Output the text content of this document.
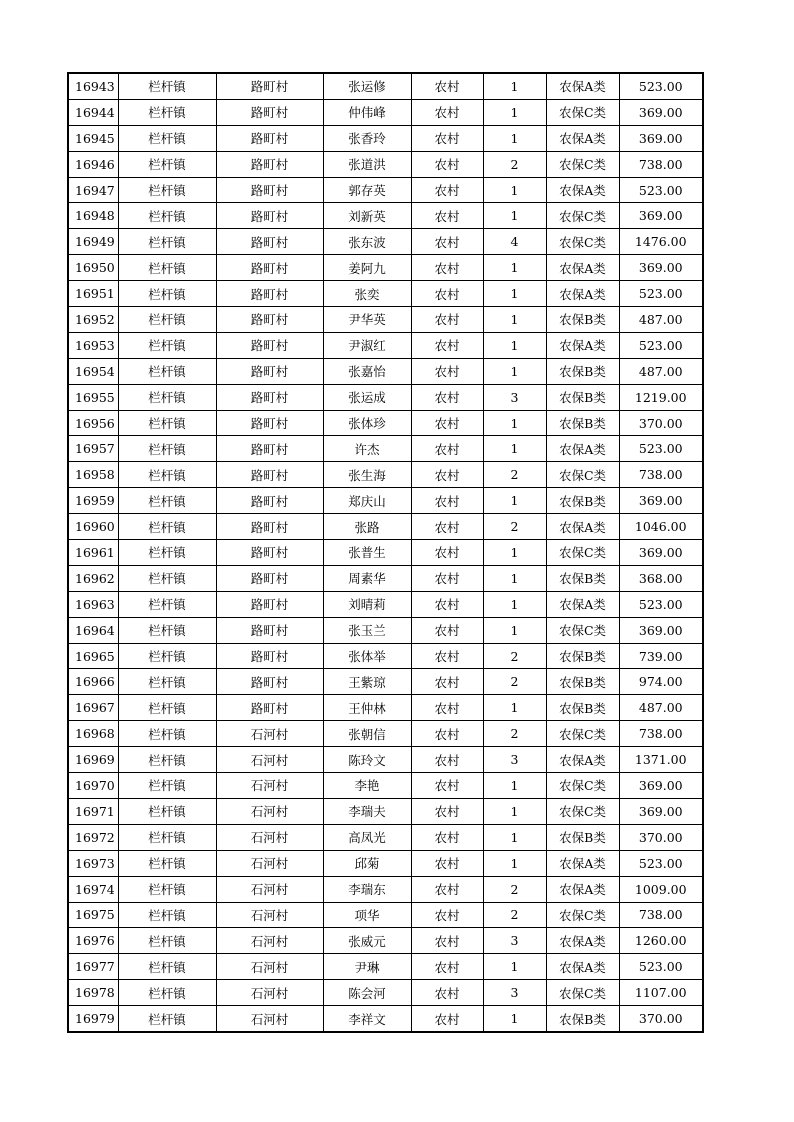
16943	栏杆镇	路町村	张运修	农村	1	农保A类	523.00
16944	栏杆镇	路町村	仲伟峰	农村	1	农保C类	369.00
16945	栏杆镇	路町村	张香玲	农村	1	农保A类	369.00
16946	栏杆镇	路町村	张道洪	农村	2	农保C类	738.00
16947	栏杆镇	路町村	郭存英	农村	1	农保A类	523.00
16948	栏杆镇	路町村	刘新英	农村	1	农保C类	369.00
16949	栏杆镇	路町村	张东波	农村	4	农保C类	1476.00
16950	栏杆镇	路町村	姜阿九	农村	1	农保A类	369.00
16951	栏杆镇	路町村	张奕	农村	1	农保A类	523.00
16952	栏杆镇	路町村	尹华英	农村	1	农保B类	487.00
16953	栏杆镇	路町村	尹淑红	农村	1	农保A类	523.00
16954	栏杆镇	路町村	张嘉怡	农村	1	农保B类	487.00
16955	栏杆镇	路町村	张运成	农村	3	农保B类	1219.00
16956	栏杆镇	路町村	张体珍	农村	1	农保B类	370.00
16957	栏杆镇	路町村	许杰	农村	1	农保A类	523.00
16958	栏杆镇	路町村	张生海	农村	2	农保C类	738.00
16959	栏杆镇	路町村	郑庆山	农村	1	农保B类	369.00
16960	栏杆镇	路町村	张路	农村	2	农保A类	1046.00
16961	栏杆镇	路町村	张普生	农村	1	农保C类	369.00
16962	栏杆镇	路町村	周素华	农村	1	农保B类	368.00
16963	栏杆镇	路町村	刘晴莉	农村	1	农保A类	523.00
16964	栏杆镇	路町村	张玉兰	农村	1	农保C类	369.00
16965	栏杆镇	路町村	张体举	农村	2	农保B类	739.00
16966	栏杆镇	路町村	王紫琼	农村	2	农保B类	974.00
16967	栏杆镇	路町村	王仲林	农村	1	农保B类	487.00
16968	栏杆镇	石河村	张朝信	农村	2	农保C类	738.00
16969	栏杆镇	石河村	陈玲文	农村	3	农保A类	1371.00
16970	栏杆镇	石河村	李艳	农村	1	农保C类	369.00
16971	栏杆镇	石河村	李瑞夫	农村	1	农保C类	369.00
16972	栏杆镇	石河村	高凤光	农村	1	农保B类	370.00
16973	栏杆镇	石河村	邱菊	农村	1	农保A类	523.00
16974	栏杆镇	石河村	李瑞东	农村	2	农保A类	1009.00
16975	栏杆镇	石河村	项华	农村	2	农保C类	738.00
16976	栏杆镇	石河村	张威元	农村	3	农保A类	1260.00
16977	栏杆镇	石河村	尹琳	农村	1	农保A类	523.00
16978	栏杆镇	石河村	陈会河	农村	3	农保C类	1107.00
16979	栏杆镇	石河村	李祥文	农村	1	农保B类	370.00
